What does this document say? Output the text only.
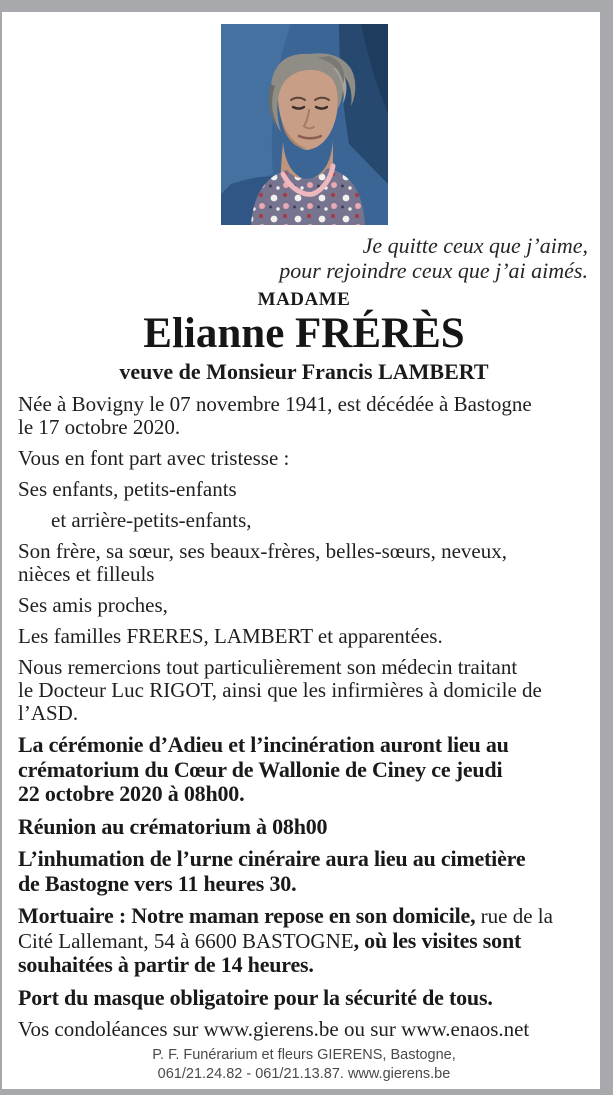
Je quitte ceux que j’aime,
pour rejoindre ceux que j’ai aimés.
MADAME
Elianne FRÉRÈS
veuve de Monsieur Francis LAMBERT

Née à Bovigny le 07 novembre 1941, est décédée à Bastogne
le 17 octobre 2020.

Vous en font part avec tristesse :

Ses enfants, petits-enfants

et arrière-petits-enfants,

Son frère, sa sœur, ses beaux-frères, belles-sœurs, neveux,
nièces et filleuls

Ses amis proches,

Les familles FRERES, LAMBERT et apparentées.

Nous remercions tout particulièrement son médecin traitant
le Docteur Luc RIGOT, ainsi que les infirmières à domicile de
l’ASD.

La cérémonie d’Adieu et l’incinération auront lieu au
crématorium du Cœur de Wallonie de Ciney ce jeudi
22 octobre 2020 à 08h00.

Réunion au crématorium à 08h00

L’inhumation de l’urne cinéraire aura lieu au cimetière
de Bastogne vers 11 heures 30.

Mortuaire : Notre maman repose en son domicile, rue de la Cité Lallemant, 54 à 6600 BASTOGNE, où les visites sont souhaitées à partir de 14 heures.

Port du masque obligatoire pour la sécurité de tous.

Vos condoléances sur www.gierens.be ou sur www.enaos.net

P. F. Funérarium et fleurs GIERENS, Bastogne,
061/21.24.82 - 061/21.13.87. www.gierens.be
